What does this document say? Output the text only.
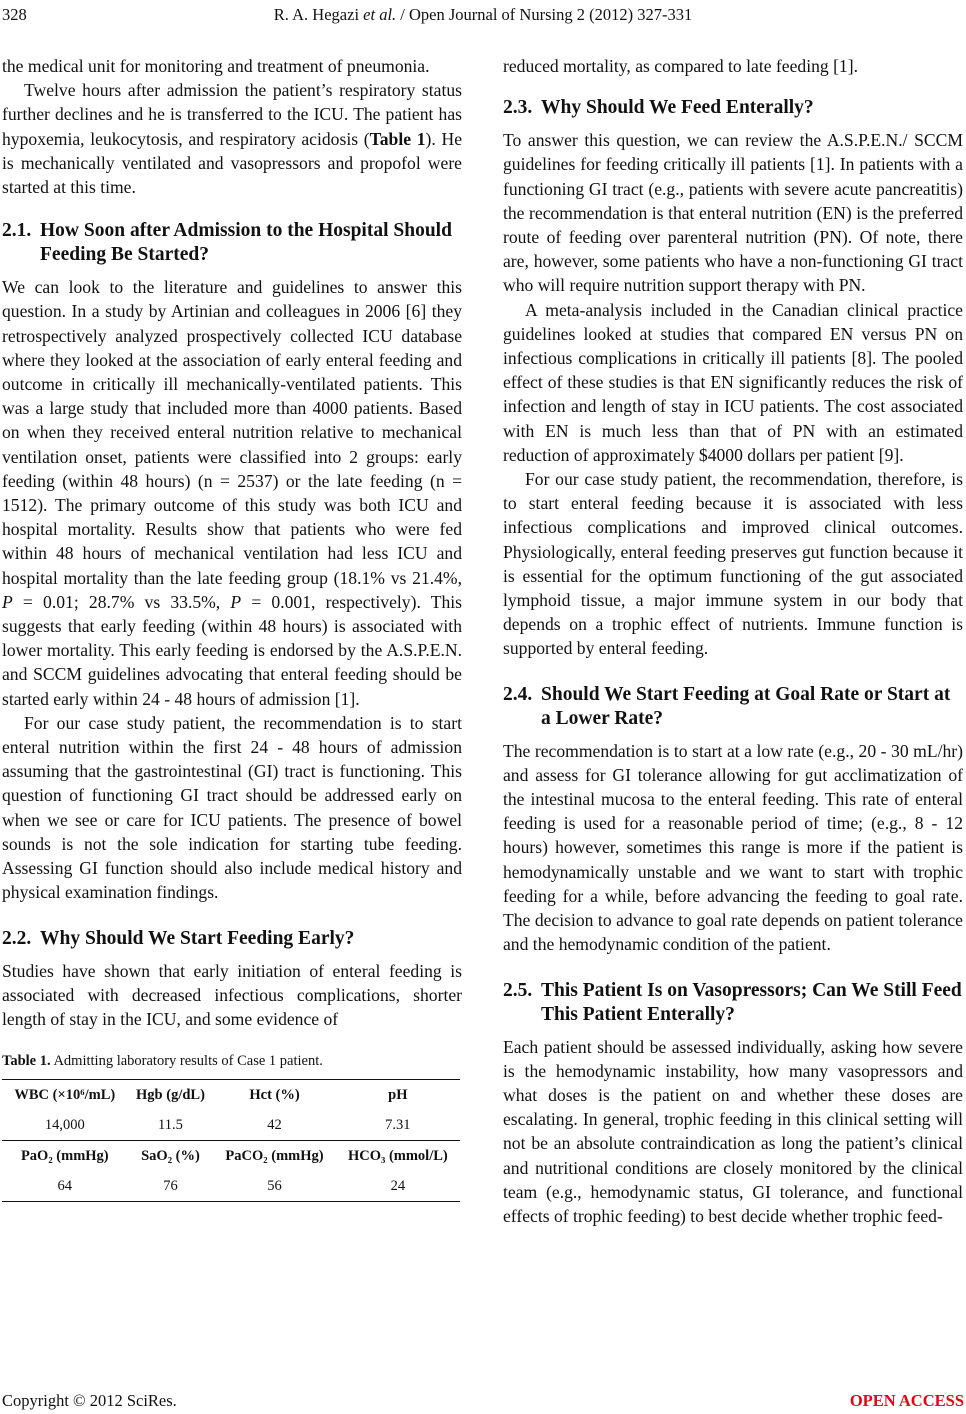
328	R. A. Hegazi et al. / Open Journal of Nursing 2 (2012) 327-331

the medical unit for monitoring and treatment of pneumonia.

Twelve hours after admission the patient’s respiratory status further declines and he is transferred to the ICU. The patient has hypoxemia, leukocytosis, and respiratory acidosis (Table 1). He is mechanically ventilated and vasopressors and propofol were started at this time.

2.1. How Soon after Admission to the Hospital Should Feeding Be Started?

We can look to the literature and guidelines to answer this question. In a study by Artinian and colleagues in 2006 [6] they retrospectively analyzed prospectively collected ICU database where they looked at the association of early enteral feeding and outcome in critically ill mechanically-ventilated patients. This was a large study that included more than 4000 patients. Based on when they received enteral nutrition relative to mechanical ventilation onset, patients were classified into 2 groups: early feeding (within 48 hours) (n = 2537) or the late feeding (n = 1512). The primary outcome of this study was both ICU and hospital mortality. Results show that patients who were fed within 48 hours of mechanical ventilation had less ICU and hospital mortality than the late feeding group (18.1% vs 21.4%, P = 0.01; 28.7% vs 33.5%, P = 0.001, respectively). This suggests that early feeding (within 48 hours) is associated with lower mortality. This early feeding is endorsed by the A.S.P.E.N. and SCCM guidelines advocating that enteral feeding should be started early within 24 - 48 hours of admission [1].

For our case study patient, the recommendation is to start enteral nutrition within the first 24 - 48 hours of admission assuming that the gastrointestinal (GI) tract is functioning. This question of functioning GI tract should be addressed early on when we see or care for ICU patients. The presence of bowel sounds is not the sole indication for starting tube feeding. Assessing GI function should also include medical history and physical examination findings.

2.2. Why Should We Start Feeding Early?

Studies have shown that early initiation of enteral feeding is associated with decreased infectious complications, shorter length of stay in the ICU, and some evidence of

Table 1. Admitting laboratory results of Case 1 patient.

WBC (×10⁶/mL)	Hgb (g/dL)	Hct (%)	pH
14,000	11.5	42	7.31
PaO₂ (mmHg)	SaO₂ (%)	PaCO₂ (mmHg)	HCO₃ (mmol/L)
64	76	56	24

reduced mortality, as compared to late feeding [1].

2.3. Why Should We Feed Enterally?

To answer this question, we can review the A.S.P.E.N./ SCCM guidelines for feeding critically ill patients [1]. In patients with a functioning GI tract (e.g., patients with severe acute pancreatitis) the recommendation is that enteral nutrition (EN) is the preferred route of feeding over parenteral nutrition (PN). Of note, there are, however, some patients who have a non-functioning GI tract who will require nutrition support therapy with PN.

A meta-analysis included in the Canadian clinical practice guidelines looked at studies that compared EN versus PN on infectious complications in critically ill patients [8]. The pooled effect of these studies is that EN significantly reduces the risk of infection and length of stay in ICU patients. The cost associated with EN is much less than that of PN with an estimated reduction of approximately $4000 dollars per patient [9].

For our case study patient, the recommendation, therefore, is to start enteral feeding because it is associated with less infectious complications and improved clinical outcomes. Physiologically, enteral feeding preserves gut function because it is essential for the optimum functioning of the gut associated lymphoid tissue, a major immune system in our body that depends on a trophic effect of nutrients. Immune function is supported by enteral feeding.

2.4. Should We Start Feeding at Goal Rate or Start at a Lower Rate?

The recommendation is to start at a low rate (e.g., 20 - 30 mL/hr) and assess for GI tolerance allowing for gut acclimatization of the intestinal mucosa to the enteral feeding. This rate of enteral feeding is used for a reasonable period of time; (e.g., 8 - 12 hours) however, sometimes this range is more if the patient is hemodynamically unstable and we want to start with trophic feeding for a while, before advancing the feeding to goal rate. The decision to advance to goal rate depends on patient tolerance and the hemodynamic condition of the patient.

2.5. This Patient Is on Vasopressors; Can We Still Feed This Patient Enterally?

Each patient should be assessed individually, asking how severe is the hemodynamic instability, how many vasopressors and what doses is the patient on and whether these doses are escalating. In general, trophic feeding in this clinical setting will not be an absolute contraindication as long the patient’s clinical and nutritional conditions are closely monitored by the clinical team (e.g., hemodynamic status, GI tolerance, and functional effects of trophic feeding) to best decide whether trophic feed-

Copyright © 2012 SciRes.	OPEN ACCESS
